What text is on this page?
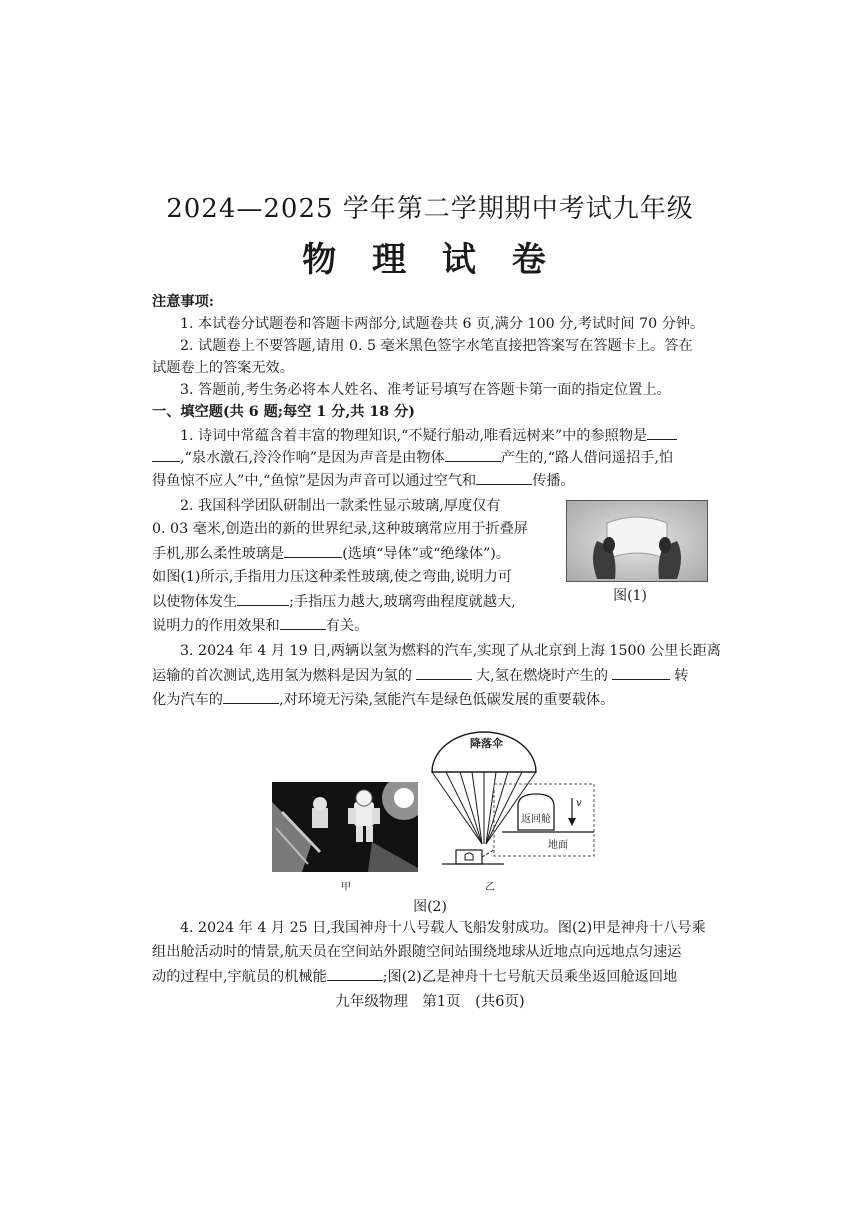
2024—2025 学年第二学期期中考试九年级
物 理 试 卷
注意事项:
1. 本试卷分试题卷和答题卡两部分,试题卷共 6 页,满分 100 分,考试时间 70 分钟。
2. 试题卷上不要答题,请用 0. 5 毫米黑色签字水笔直接把答案写在答题卡上。答在
试题卷上的答案无效。
3. 答题前,考生务必将本人姓名、准考证号填写在答题卡第一面的指定位置上。
一、填空题(共 6 题;每空 1 分,共 18 分)
1. 诗词中常蕴含着丰富的物理知识,“不疑行船动,唯看远树来”中的参照物是
,“泉水激石,泠泠作响”是因为声音是由物体	产生的,“路人借问遥招手,怕
得鱼惊不应人”中,“鱼惊”是因为声音可以通过空气和	传播。
2. 我国科学团队研制出一款柔性显示玻璃,厚度仅有
0. 03 毫米,创造出的新的世界纪录,这种玻璃常应用于折叠屏
手机,那么柔性玻璃是	(选填“导体”或“绝缘体”)。
如图(1)所示,手指用力压这种柔性玻璃,使之弯曲,说明力可
以使物体发生	;手指压力越大,玻璃弯曲程度就越大,
说明力的作用效果和	有关。
图(1)
3. 2024 年 4 月 19 日,两辆以氢为燃料的汽车,实现了从北京到上海 1500 公里长距离
运输的首次测试,选用氢为燃料是因为氢的	大,氢在燃烧时产生的	转
化为汽车的	,对环境无污染,氢能汽车是绿色低碳发展的重要载体。
降落伞
返回舱
v
地面
甲	乙
图(2)
4. 2024 年 4 月 25 日,我国神舟十八号载人飞船发射成功。图(2)甲是神舟十八号乘
组出舱活动时的情景,航天员在空间站外跟随空间站围绕地球从近地点向远地点匀速运
动的过程中,宇航员的机械能	;图(2)乙是神舟十七号航天员乘坐返回舱返回地
九年级物理　第1页　(共6页)
